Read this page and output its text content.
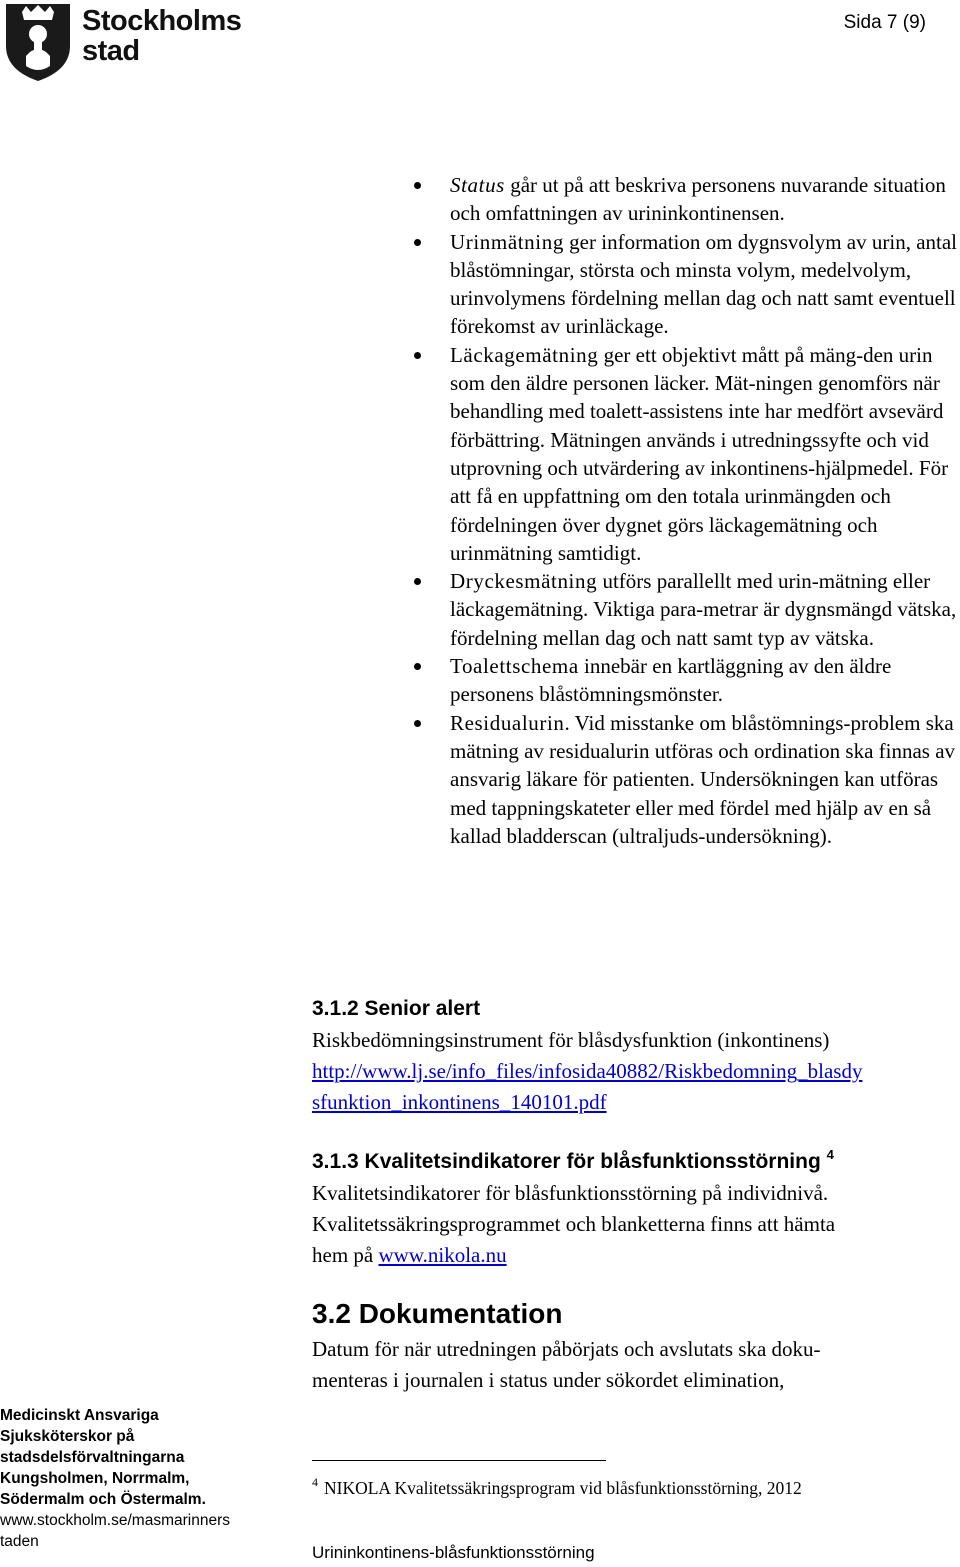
Stockholms
stad
Sida 7 (9)
Status går ut på att beskriva personens nuvarande situation och omfattningen av urininkontinensen.
Urinmätning ger information om dygnsvolym av urin, antal blåstömningar, största och minsta volym, medelvolym, urinvolymens fördelning mellan dag och natt samt eventuell förekomst av urinläckage.
Läckagemätning ger ett objektivt mått på mäng-den urin som den äldre personen läcker. Mät-ningen genomförs när behandling med toalett-assistens inte har medfört avsevärd förbättring. Mätningen används i utredningssyfte och vid utprovning och utvärdering av inkontinens-hjälpmedel. För att få en uppfattning om den totala urinmängden och fördelningen över dygnet görs läckagemätning och urinmätning samtidigt.
Dryckesmätning utförs parallellt med urin-mätning eller läckagemätning. Viktiga para-metrar är dygnsmängd vätska, fördelning mellan dag och natt samt typ av vätska.
Toalettschema innebär en kartläggning av den äldre personens blåstömningsmönster.
Residualurin. Vid misstanke om blåstömnings-problem ska mätning av residualurin utföras och ordination ska finnas av ansvarig läkare för patienten. Undersökningen kan utföras med tappningskateter eller med fördel med hjälp av en så kallad bladderscan (ultraljuds-undersökning).
3.1.2 Senior alert

Riskbedömningsinstrument för blåsdysfunktion (inkontinens)

http://www.lj.se/info_files/infosida40882/Riskbedomning_blasdy
sfunktion_inkontinens_140101.pdf

3.1.3 Kvalitetsindikatorer för blåsfunktionsstörning $^4$

Kvalitetsindikatorer för blåsfunktionsstörning på individnivå.

Kvalitetssäkringsprogrammet och blanketterna finns att hämta

hem på www.nikola.nu

3.2 Dokumentation

Datum för när utredningen påbörjats och avslutats ska doku-

menteras i journalen i status under sökordet elimination,

Medicinskt Ansvariga
Sjuksköterskor på
stadsdelsförvaltningarna
Kungsholmen, Norrmalm,
Södermalm och Östermalm.
www.stockholm.se/masmarinners
taden
$^4$ NIKOLA Kvalitetssäkringsprogram vid blåsfunktionsstörning, 2012
Urininkontinens-blåsfunktionsstörning
